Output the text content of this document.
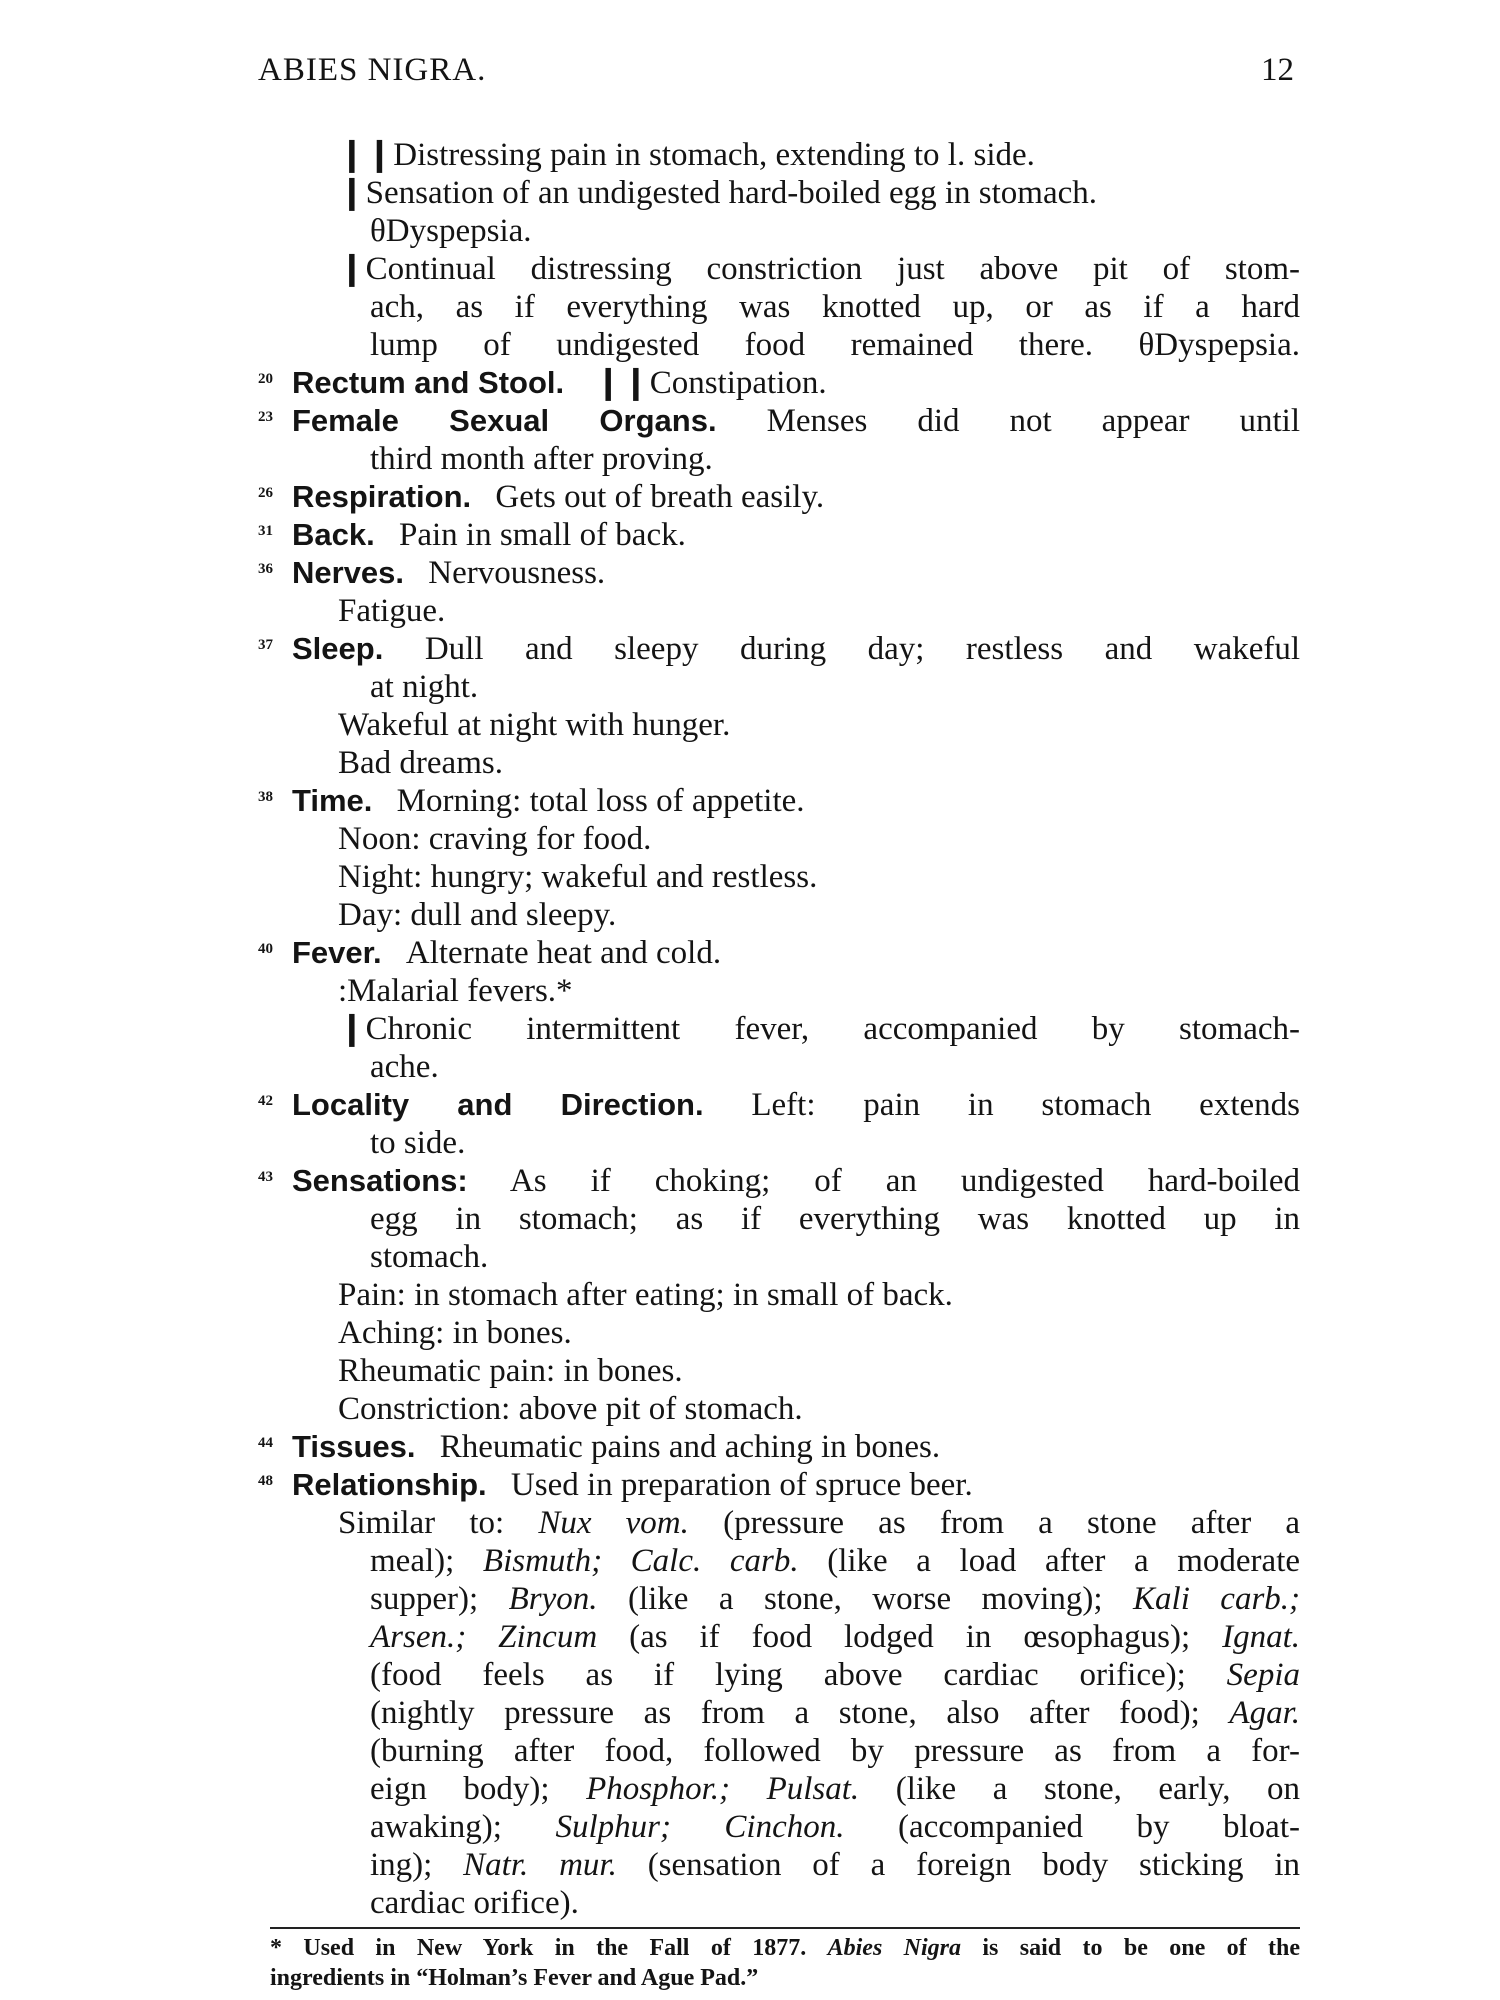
ABIES NIGRA.	12
❙❙Distressing pain in stomach, extending to l. side.
❙Sensation of an undigested hard-boiled egg in stomach.
θDyspepsia.
❙Continual distressing constriction just above pit of stom-
ach, as if everything was knotted up, or as if a hard
lump of undigested food remained there. θDyspepsia.
20 Rectum and Stool. ❙❙Constipation.
23 Female Sexual Organs. Menses did not appear until
third month after proving.
26 Respiration. Gets out of breath easily.
31 Back. Pain in small of back.
36 Nerves. Nervousness.
Fatigue.
37 Sleep. Dull and sleepy during day; restless and wakeful
at night.
Wakeful at night with hunger.
Bad dreams.
38 Time. Morning: total loss of appetite.
Noon: craving for food.
Night: hungry; wakeful and restless.
Day: dull and sleepy.
40 Fever. Alternate heat and cold.
:Malarial fevers.*
❙Chronic intermittent fever, accompanied by stomach-
ache.
42 Locality and Direction. Left: pain in stomach extends
to side.
43 Sensations: As if choking; of an undigested hard-boiled
egg in stomach; as if everything was knotted up in
stomach.
Pain: in stomach after eating; in small of back.
Aching: in bones.
Rheumatic pain: in bones.
Constriction: above pit of stomach.
44 Tissues. Rheumatic pains and aching in bones.
48 Relationship. Used in preparation of spruce beer.
Similar to: Nux vom. (pressure as from a stone after a
meal); Bismuth; Calc. carb. (like a load after a moderate
supper); Bryon. (like a stone, worse moving); Kali carb.;
Arsen.; Zincum (as if food lodged in œsophagus); Ignat.
(food feels as if lying above cardiac orifice); Sepia
(nightly pressure as from a stone, also after food); Agar.
(burning after food, followed by pressure as from a for-
eign body); Phosphor.; Pulsat. (like a stone, early, on
awaking); Sulphur; Cinchon. (accompanied by bloat-
ing); Natr. mur. (sensation of a foreign body sticking in
cardiac orifice).
* Used in New York in the Fall of 1877. Abies Nigra is said to be one of the
ingredients in “Holman’s Fever and Ague Pad.”
